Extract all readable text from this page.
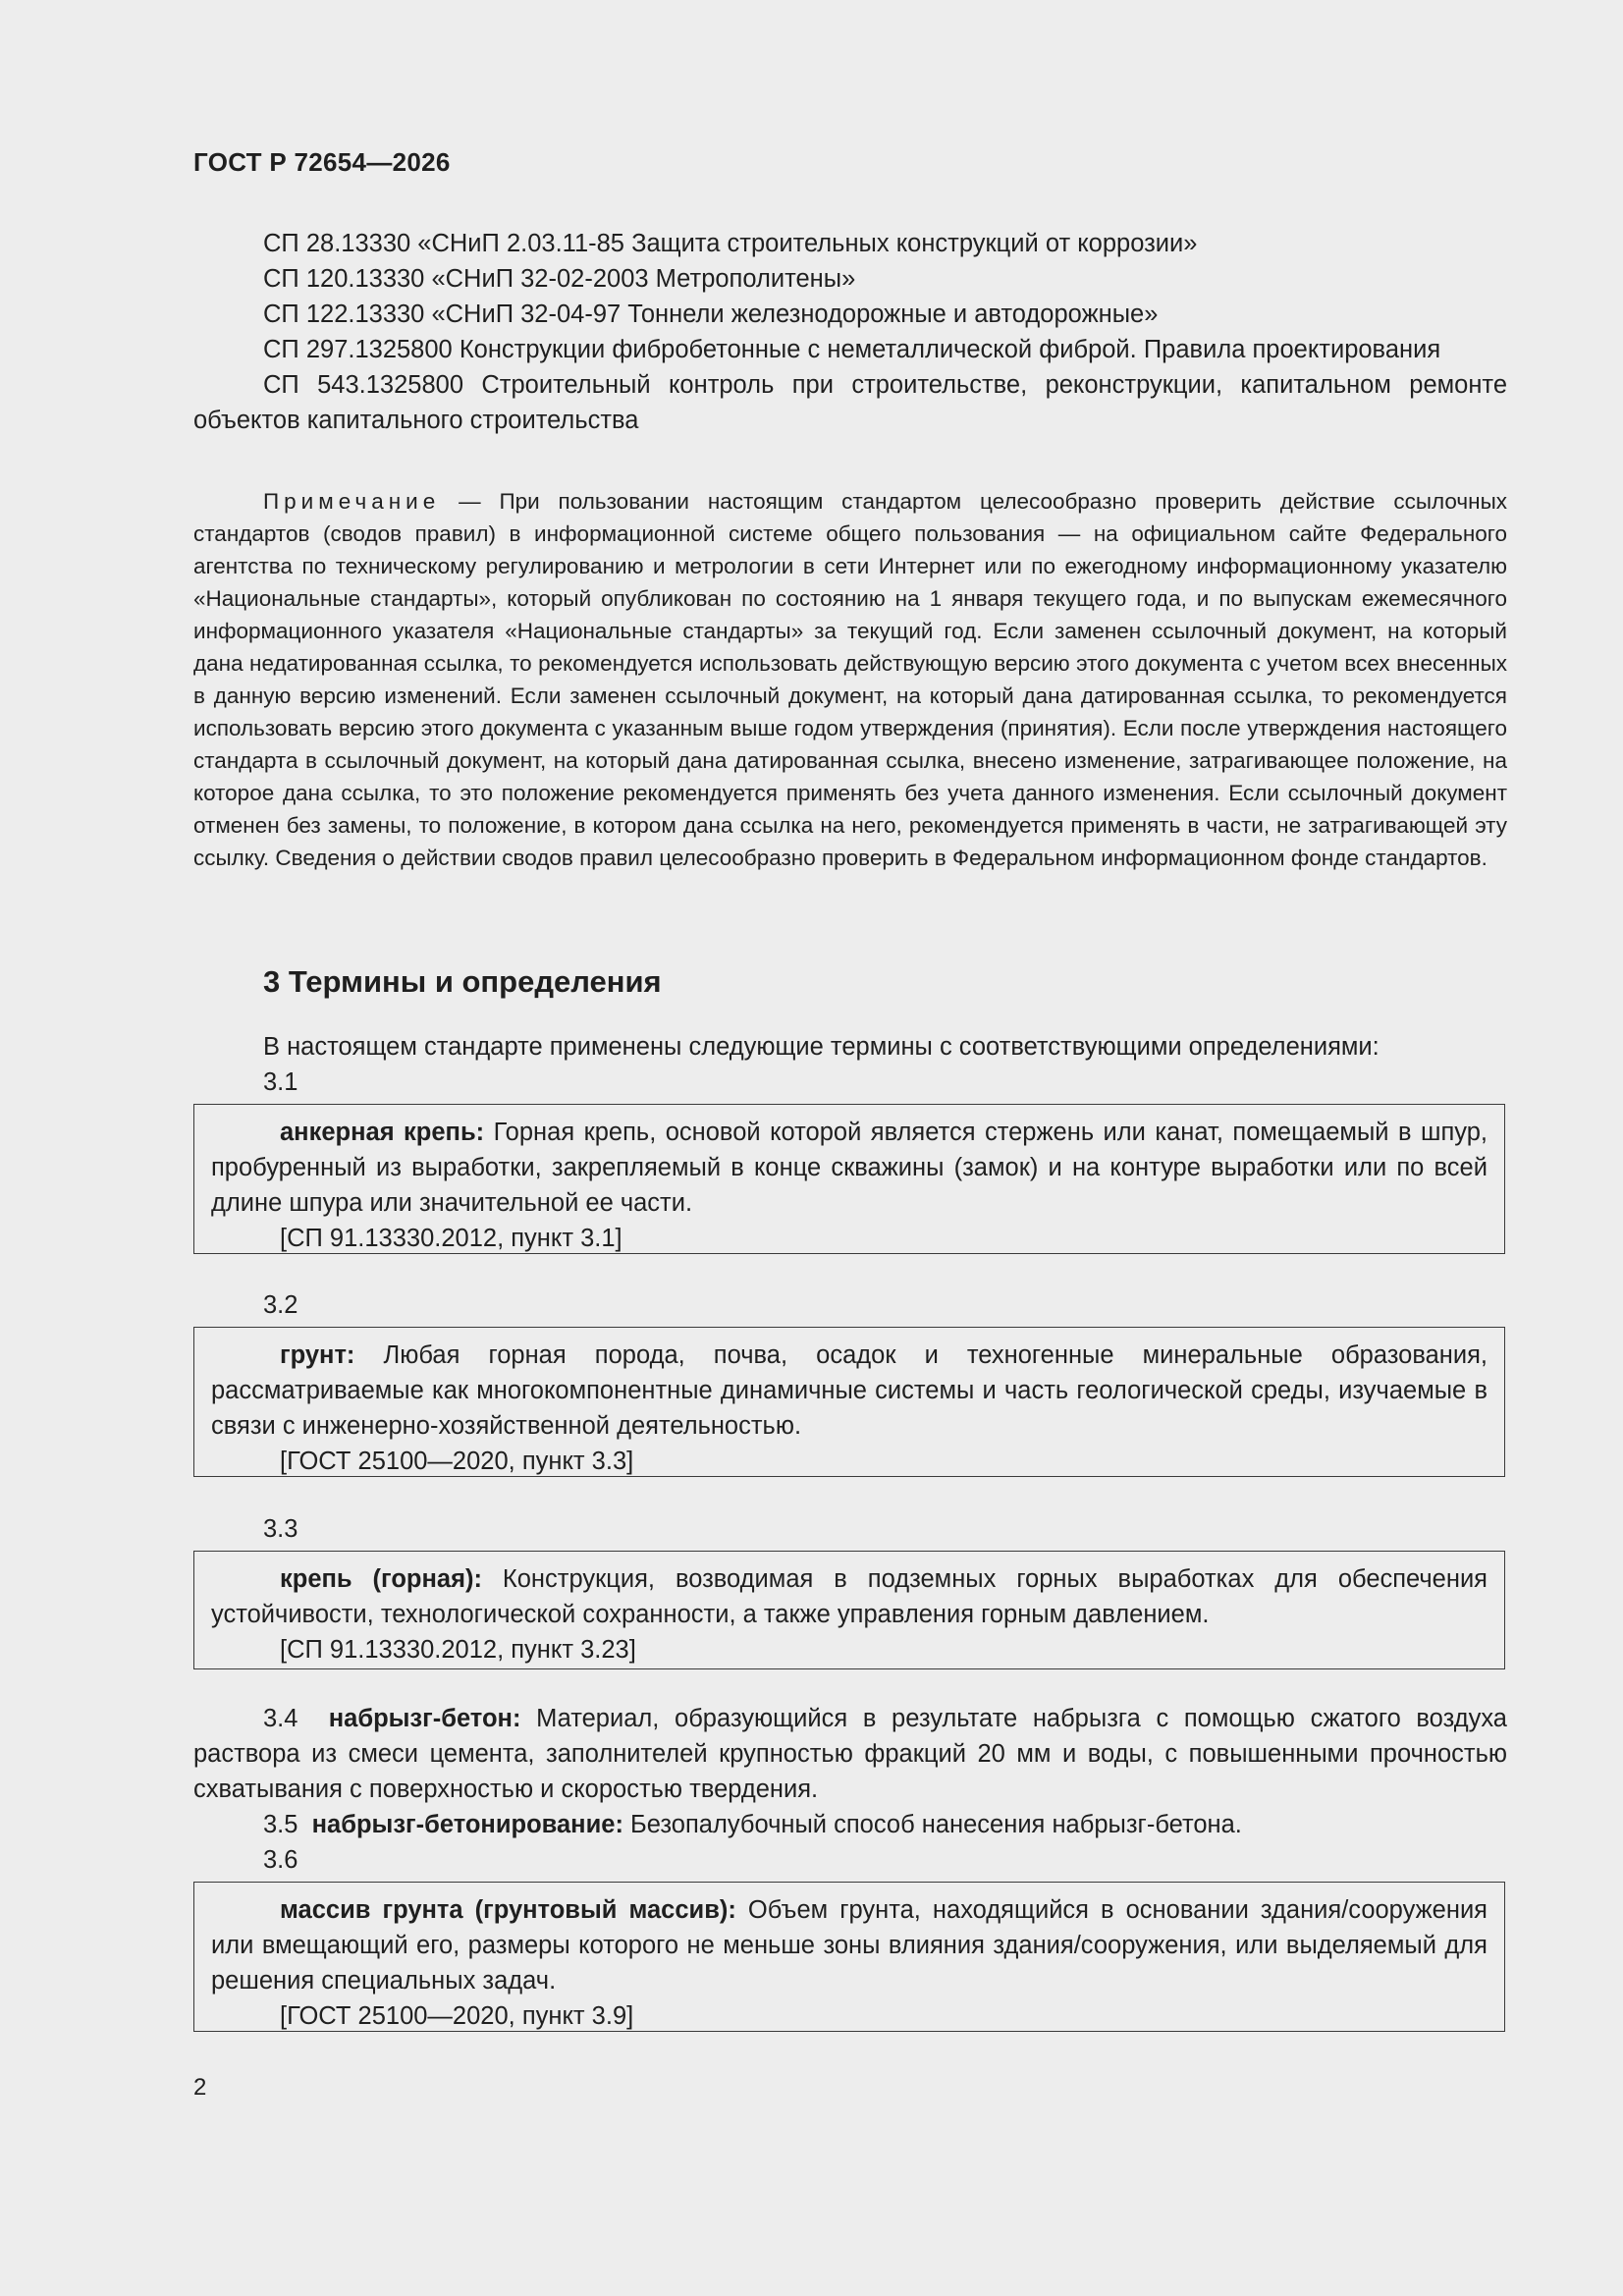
ГОСТ Р 72654—2026

СП 28.13330 «СНиП 2.03.11-85 Защита строительных конструкций от коррозии»

СП 120.13330 «СНиП 32-02-2003 Метрополитены»

СП 122.13330 «СНиП 32-04-97 Тоннели железнодорожные и автодорожные»

СП 297.1325800 Конструкции фибробетонные с неметаллической фиброй. Правила проектирования

СП 543.1325800 Строительный контроль при строительстве, реконструкции, капитальном ремонте объектов капитального строительства

Примечание — При пользовании настоящим стандартом целесообразно проверить действие ссылочных стандартов (сводов правил) в информационной системе общего пользования — на официальном сайте Федерального агентства по техническому регулированию и метрологии в сети Интернет или по ежегодному информационному указателю «Национальные стандарты», который опубликован по состоянию на 1 января текущего года, и по выпускам ежемесячного информационного указателя «Национальные стандарты» за текущий год. Если заменен ссылочный документ, на который дана недатированная ссылка, то рекомендуется использовать действующую версию этого документа с учетом всех внесенных в данную версию изменений. Если заменен ссылочный документ, на который дана датированная ссылка, то рекомендуется использовать версию этого документа с указанным выше годом утверждения (принятия). Если после утверждения настоящего стандарта в ссылочный документ, на который дана датированная ссылка, внесено изменение, затрагивающее положение, на которое дана ссылка, то это положение рекомендуется применять без учета данного изменения. Если ссылочный документ отменен без замены, то положение, в котором дана ссылка на него, рекомендуется применять в части, не затрагивающей эту ссылку. Сведения о действии сводов правил целесообразно проверить в Федеральном информационном фонде стандартов.

3 Термины и определения

В настоящем стандарте применены следующие термины с соответствующими определениями:

3.1

анкерная крепь: Горная крепь, основой которой является стержень или канат, помещаемый в шпур, пробуренный из выработки, закрепляемый в конце скважины (замок) и на контуре выработки или по всей длине шпура или значительной ее части.

[СП 91.13330.2012, пункт 3.1]

3.2

грунт: Любая горная порода, почва, осадок и техногенные минеральные образования, рассматриваемые как многокомпонентные динамичные системы и часть геологической среды, изучаемые в связи с инженерно-хозяйственной деятельностью.

[ГОСТ 25100—2020, пункт 3.3]

3.3

крепь (горная): Конструкция, возводимая в подземных горных выработках для обеспечения устойчивости, технологической сохранности, а также управления горным давлением.

[СП 91.13330.2012, пункт 3.23]

3.4 набрызг-бетон: Материал, образующийся в результате набрызга с помощью сжатого воздуха раствора из смеси цемента, заполнителей крупностью фракций 20 мм и воды, с повышенными прочностью схватывания с поверхностью и скоростью твердения.

3.5 набрызг-бетонирование: Безопалубочный способ нанесения набрызг-бетона.

3.6

массив грунта (грунтовый массив): Объем грунта, находящийся в основании здания/сооружения или вмещающий его, размеры которого не меньше зоны влияния здания/сооружения, или выделяемый для решения специальных задач.

[ГОСТ 25100—2020, пункт 3.9]

2
